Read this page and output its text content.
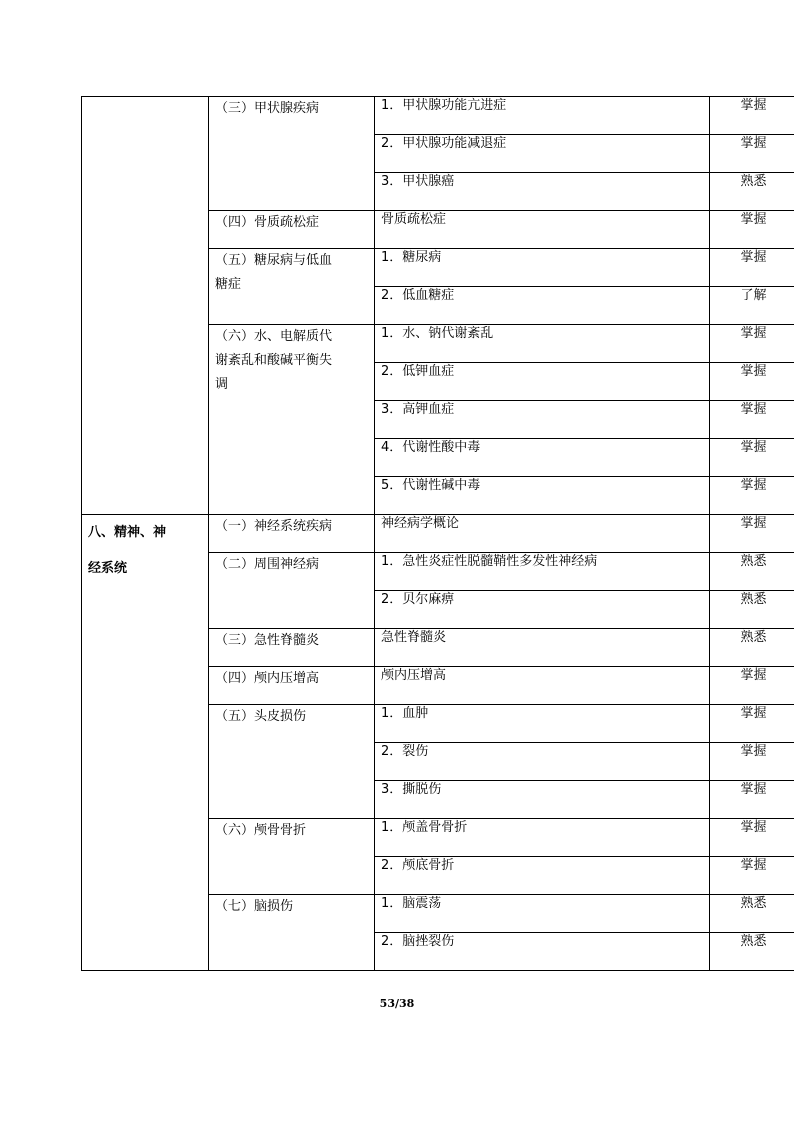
	（三）甲状腺疾病	1．甲状腺功能亢进症	掌握
		2．甲状腺功能减退症	掌握
		3．甲状腺癌	熟悉

	（四）骨质疏松症	骨质疏松症	掌握

	（五）糖尿病与低血
糖症	1．糖尿病	掌握
		2．低血糖症	了解

	（六）水、电解质代
谢紊乱和酸碱平衡失
调	1．水、钠代谢紊乱	掌握
		2．低钾血症	掌握
		3．高钾血症	掌握
		4．代谢性酸中毒	掌握
		5．代谢性碱中毒	掌握

八、精神、神
经系统	（一）神经系统疾病	神经病学概论	掌握

	（二）周围神经病	1．急性炎症性脱髓鞘性多发性神经病	熟悉
		2．贝尔麻痹	熟悉

	（三）急性脊髓炎	急性脊髓炎	熟悉

	（四）颅内压增高	颅内压增高	掌握

	（五）头皮损伤	1．血肿	掌握
		2．裂伤	掌握
		3．撕脱伤	掌握

	（六）颅骨骨折	1．颅盖骨骨折	掌握
		2．颅底骨折	掌握

	（七）脑损伤	1．脑震荡	熟悉
		2．脑挫裂伤	熟悉
53/38
